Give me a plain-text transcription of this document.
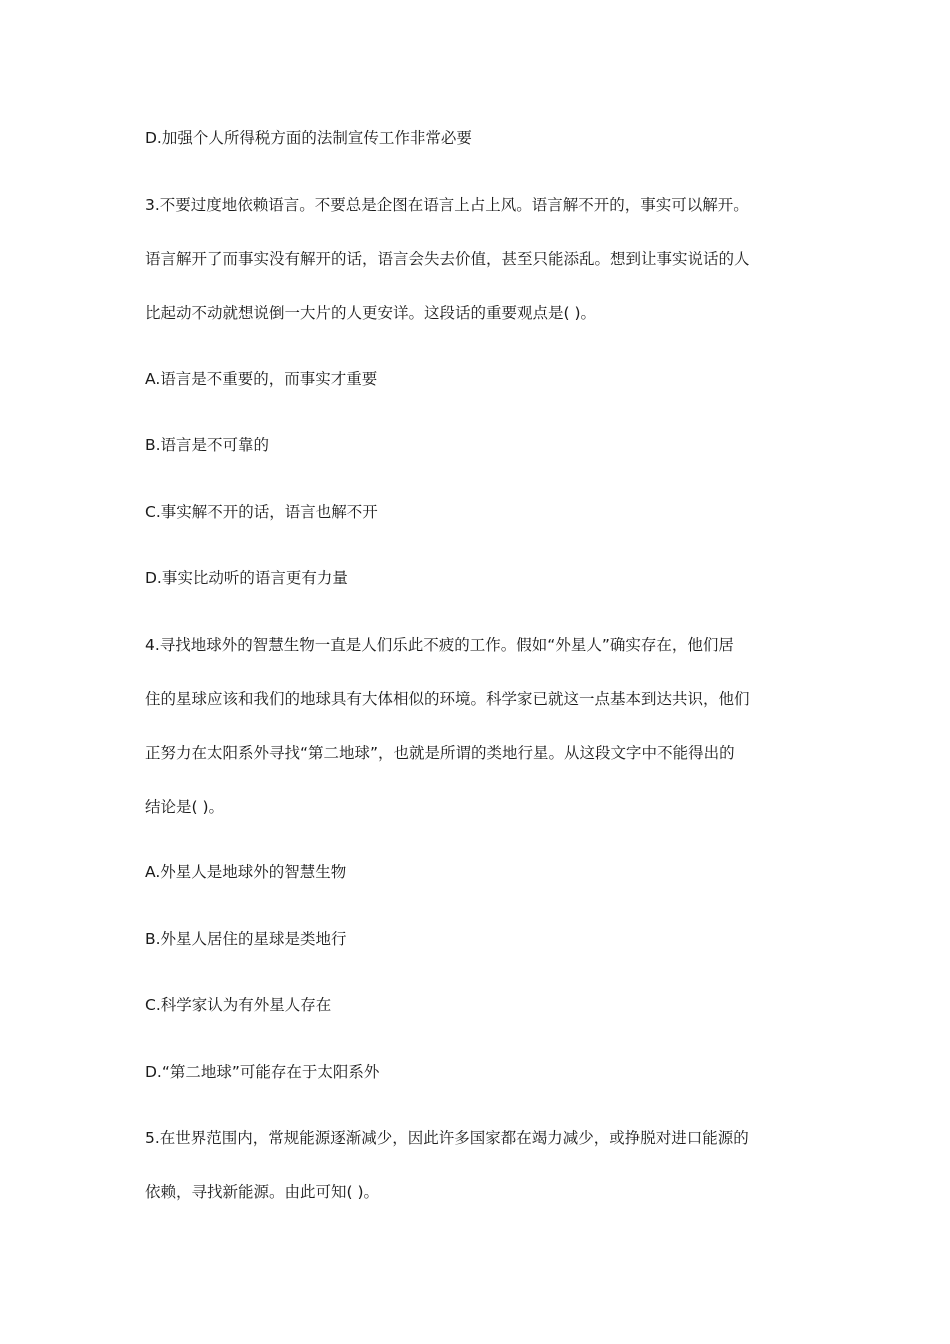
D.加强个人所得税方面的法制宣传工作非常必要
3.不要过度地依赖语言。不要总是企图在语言上占上风。语言解不开的，事实可以解开。
语言解开了而事实没有解开的话，语言会失去价值，甚至只能添乱。想到让事实说话的人
比起动不动就想说倒一大片的人更安详。这段话的重要观点是( )。
A.语言是不重要的，而事实才重要
B.语言是不可靠的
C.事实解不开的话，语言也解不开
D.事实比动听的语言更有力量
4.寻找地球外的智慧生物一直是人们乐此不疲的工作。假如“外星人”确实存在，他们居
住的星球应该和我们的地球具有大体相似的环境。科学家已就这一点基本到达共识，他们
正努力在太阳系外寻找“第二地球”，也就是所谓的类地行星。从这段文字中不能得出的
结论是( )。
A.外星人是地球外的智慧生物
B.外星人居住的星球是类地行
C.科学家认为有外星人存在
D.“第二地球”可能存在于太阳系外
5.在世界范围内，常规能源逐渐减少，因此许多国家都在竭力减少，或挣脱对进口能源的
依赖，寻找新能源。由此可知( )。
